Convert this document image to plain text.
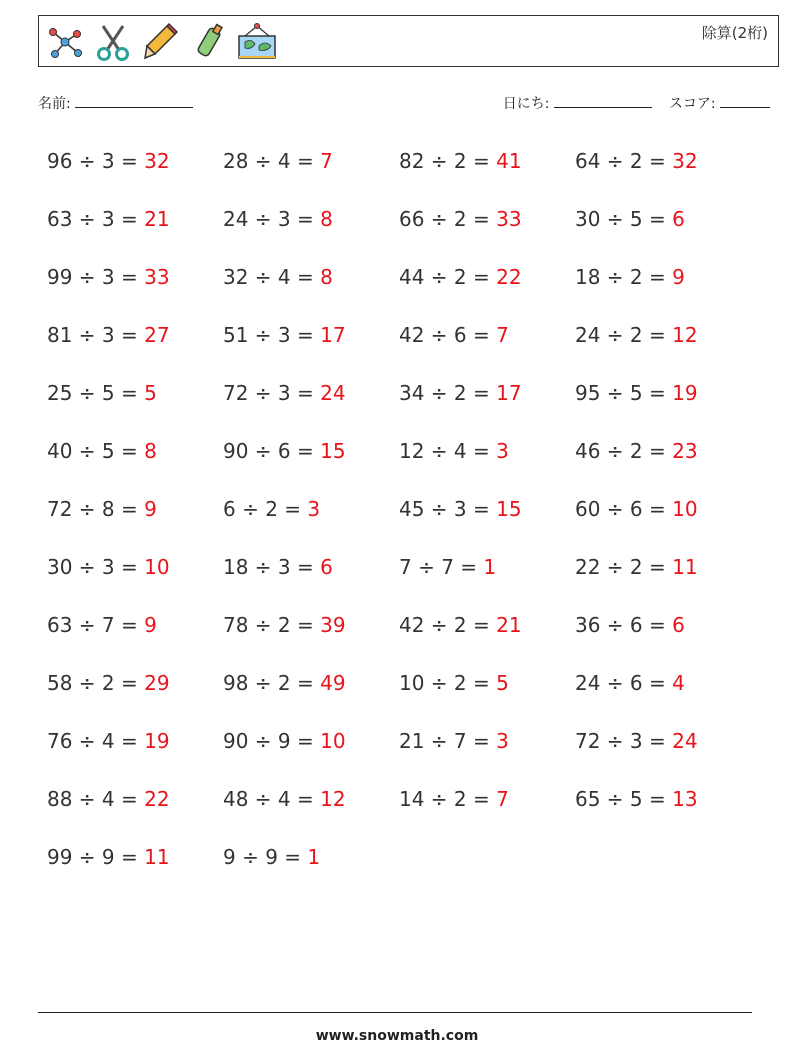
除算(2桁)
名前:	日にち:	スコア:
96 ÷ 3 = 32	28 ÷ 4 = 7	82 ÷ 2 = 41	64 ÷ 2 = 32
63 ÷ 3 = 21	24 ÷ 3 = 8	66 ÷ 2 = 33	30 ÷ 5 = 6
99 ÷ 3 = 33	32 ÷ 4 = 8	44 ÷ 2 = 22	18 ÷ 2 = 9
81 ÷ 3 = 27	51 ÷ 3 = 17	42 ÷ 6 = 7	24 ÷ 2 = 12
25 ÷ 5 = 5	72 ÷ 3 = 24	34 ÷ 2 = 17	95 ÷ 5 = 19
40 ÷ 5 = 8	90 ÷ 6 = 15	12 ÷ 4 = 3	46 ÷ 2 = 23
72 ÷ 8 = 9	6 ÷ 2 = 3	45 ÷ 3 = 15	60 ÷ 6 = 10
30 ÷ 3 = 10	18 ÷ 3 = 6	7 ÷ 7 = 1	22 ÷ 2 = 11
63 ÷ 7 = 9	78 ÷ 2 = 39	42 ÷ 2 = 21	36 ÷ 6 = 6
58 ÷ 2 = 29	98 ÷ 2 = 49	10 ÷ 2 = 5	24 ÷ 6 = 4
76 ÷ 4 = 19	90 ÷ 9 = 10	21 ÷ 7 = 3	72 ÷ 3 = 24
88 ÷ 4 = 22	48 ÷ 4 = 12	14 ÷ 2 = 7	65 ÷ 5 = 13
99 ÷ 9 = 11	9 ÷ 9 = 1
www.snowmath.com
